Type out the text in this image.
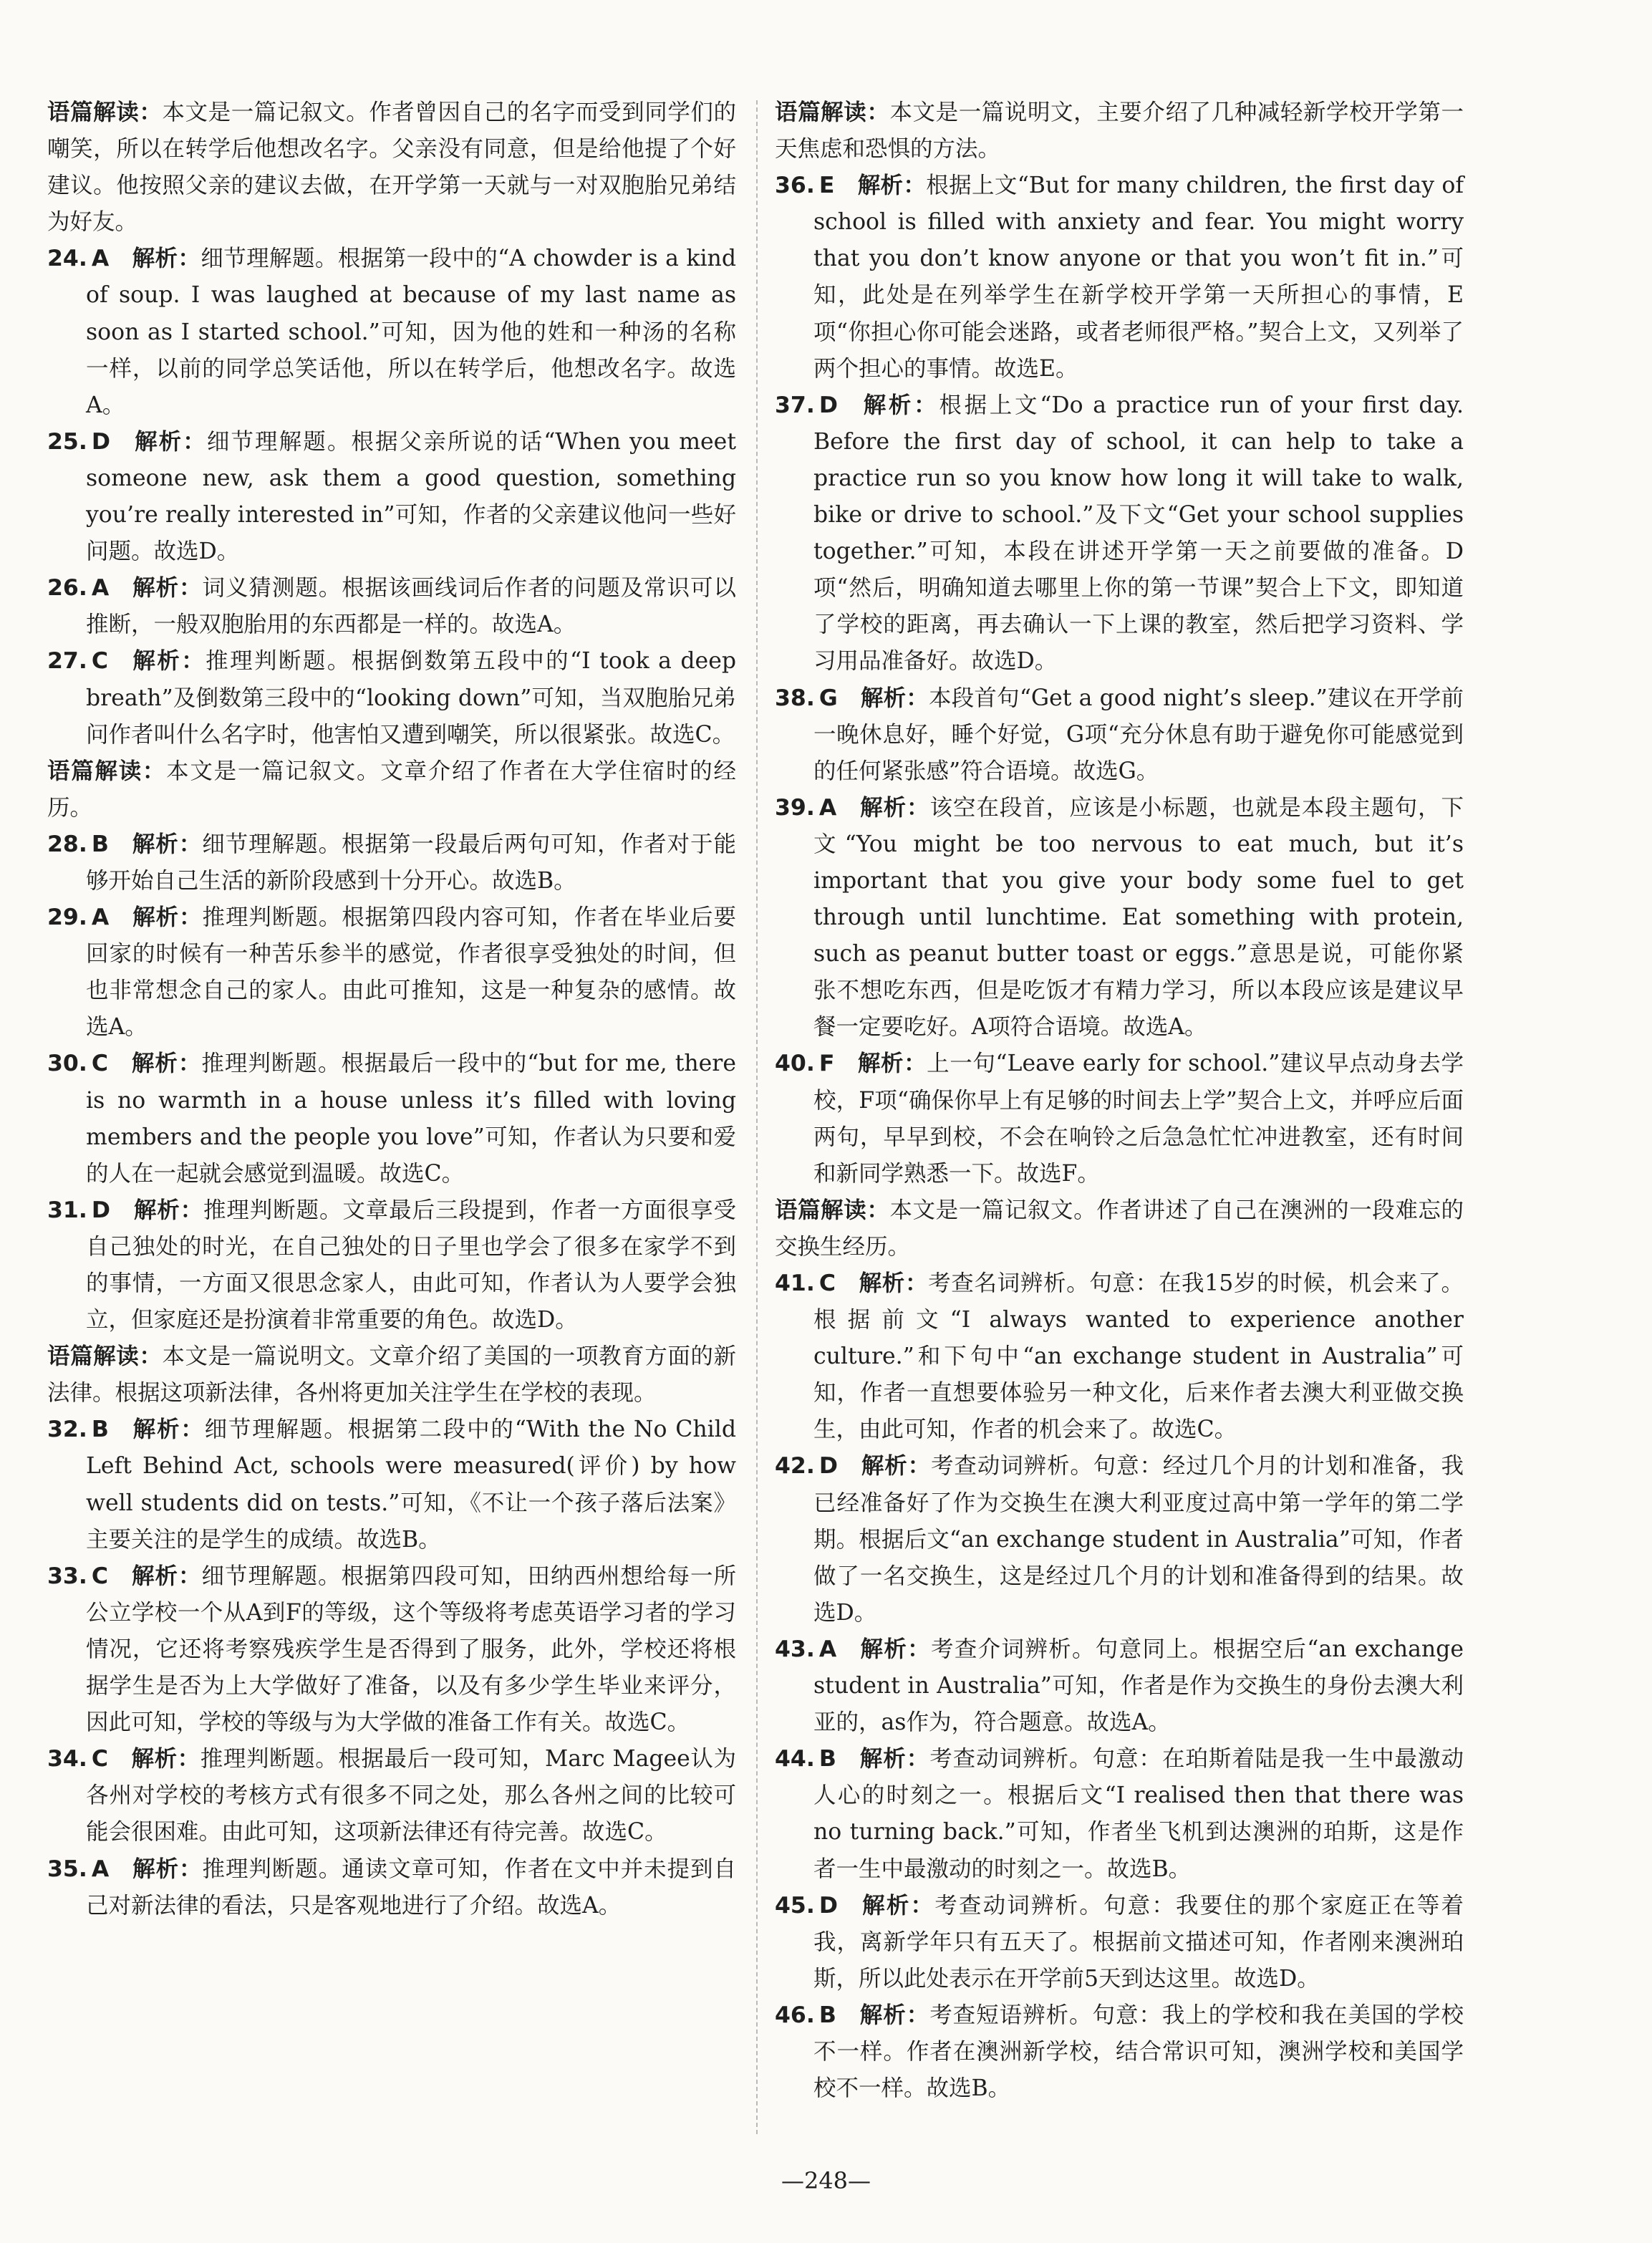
语篇解读：本文是一篇记叙文。作者曾因自己的名字而受到同学们的嘲笑，所以在转学后他想改名字。父亲没有同意，但是给他提了个好建议。他按照父亲的建议去做，在开学第一天就与一对双胞胎兄弟结为好友。

24. A 解析：细节理解题。根据第一段中的“A chowder is a kind of soup. I was laughed at because of my last name as soon as I started school.”可知，因为他的姓和一种汤的名称一样，以前的同学总笑话他，所以在转学后，他想改名字。故选A。

25. D 解析：细节理解题。根据父亲所说的话“When you meet someone new, ask them a good question, something you’re really interested in”可知，作者的父亲建议他问一些好问题。故选D。

26. A 解析：词义猜测题。根据该画线词后作者的问题及常识可以推断，一般双胞胎用的东西都是一样的。故选A。

27. C 解析：推理判断题。根据倒数第五段中的“I took a deep breath”及倒数第三段中的“looking down”可知，当双胞胎兄弟问作者叫什么名字时，他害怕又遭到嘲笑，所以很紧张。故选C。

语篇解读：本文是一篇记叙文。文章介绍了作者在大学住宿时的经历。

28. B 解析：细节理解题。根据第一段最后两句可知，作者对于能够开始自己生活的新阶段感到十分开心。故选B。

29. A 解析：推理判断题。根据第四段内容可知，作者在毕业后要回家的时候有一种苦乐参半的感觉，作者很享受独处的时间，但也非常想念自己的家人。由此可推知，这是一种复杂的感情。故选A。

30. C 解析：推理判断题。根据最后一段中的“but for me, there is no warmth in a house unless it’s filled with loving members and the people you love”可知，作者认为只要和爱的人在一起就会感觉到温暖。故选C。

31. D 解析：推理判断题。文章最后三段提到，作者一方面很享受自己独处的时光，在自己独处的日子里也学会了很多在家学不到的事情，一方面又很思念家人，由此可知，作者认为人要学会独立，但家庭还是扮演着非常重要的角色。故选D。

语篇解读：本文是一篇说明文。文章介绍了美国的一项教育方面的新法律。根据这项新法律，各州将更加关注学生在学校的表现。

32. B 解析：细节理解题。根据第二段中的“With the No Child Left Behind Act, schools were measured(评价) by how well students did on tests.”可知，《不让一个孩子落后法案》主要关注的是学生的成绩。故选B。

33. C 解析：细节理解题。根据第四段可知，田纳西州想给每一所公立学校一个从A到F的等级，这个等级将考虑英语学习者的学习情况，它还将考察残疾学生是否得到了服务，此外，学校还将根据学生是否为上大学做好了准备，以及有多少学生毕业来评分，因此可知，学校的等级与为大学做的准备工作有关。故选C。

34. C 解析：推理判断题。根据最后一段可知，Marc Magee认为各州对学校的考核方式有很多不同之处，那么各州之间的比较可能会很困难。由此可知，这项新法律还有待完善。故选C。

35. A 解析：推理判断题。通读文章可知，作者在文中并未提到自己对新法律的看法，只是客观地进行了介绍。故选A。

语篇解读：本文是一篇说明文，主要介绍了几种减轻新学校开学第一天焦虑和恐惧的方法。

36. E 解析：根据上文“But for many children, the first day of school is filled with anxiety and fear. You might worry that you don’t know anyone or that you won’t fit in.”可知，此处是在列举学生在新学校开学第一天所担心的事情，E项“你担心你可能会迷路，或者老师很严格。”契合上文，又列举了两个担心的事情。故选E。

37. D 解析：根据上文“Do a practice run of your first day. Before the first day of school, it can help to take a practice run so you know how long it will take to walk, bike or drive to school.”及下文“Get your school supplies together.”可知，本段在讲述开学第一天之前要做的准备。D项“然后，明确知道去哪里上你的第一节课”契合上下文，即知道了学校的距离，再去确认一下上课的教室，然后把学习资料、学习用品准备好。故选D。

38. G 解析：本段首句“Get a good night’s sleep.”建议在开学前一晚休息好，睡个好觉，G项“充分休息有助于避免你可能感觉到的任何紧张感”符合语境。故选G。

39. A 解析：该空在段首，应该是小标题，也就是本段主题句，下文“You might be too nervous to eat much, but it’s important that you give your body some fuel to get through until lunchtime. Eat something with protein, such as peanut butter toast or eggs.”意思是说，可能你紧张不想吃东西，但是吃饭才有精力学习，所以本段应该是建议早餐一定要吃好。A项符合语境。故选A。

40. F 解析：上一句“Leave early for school.”建议早点动身去学校，F项“确保你早上有足够的时间去上学”契合上文，并呼应后面两句，早早到校，不会在响铃之后急急忙忙冲进教室，还有时间和新同学熟悉一下。故选F。

语篇解读：本文是一篇记叙文。作者讲述了自己在澳洲的一段难忘的交换生经历。

41. C 解析：考查名词辨析。句意：在我15岁的时候，机会来了。根据前文“I always wanted to experience another culture.”和下句中“an exchange student in Australia”可知，作者一直想要体验另一种文化，后来作者去澳大利亚做交换生，由此可知，作者的机会来了。故选C。

42. D 解析：考查动词辨析。句意：经过几个月的计划和准备，我已经准备好了作为交换生在澳大利亚度过高中第一学年的第二学期。根据后文“an exchange student in Australia”可知，作者做了一名交换生，这是经过几个月的计划和准备得到的结果。故选D。

43. A 解析：考查介词辨析。句意同上。根据空后“an exchange student in Australia”可知，作者是作为交换生的身份去澳大利亚的，as作为，符合题意。故选A。

44. B 解析：考查动词辨析。句意：在珀斯着陆是我一生中最激动人心的时刻之一。根据后文“I realised then that there was no turning back.”可知，作者坐飞机到达澳洲的珀斯，这是作者一生中最激动的时刻之一。故选B。

45. D 解析：考查动词辨析。句意：我要住的那个家庭正在等着我，离新学年只有五天了。根据前文描述可知，作者刚来澳洲珀斯，所以此处表示在开学前5天到达这里。故选D。

46. B 解析：考查短语辨析。句意：我上的学校和我在美国的学校不一样。作者在澳洲新学校，结合常识可知，澳洲学校和美国学校不一样。故选B。

—248—
